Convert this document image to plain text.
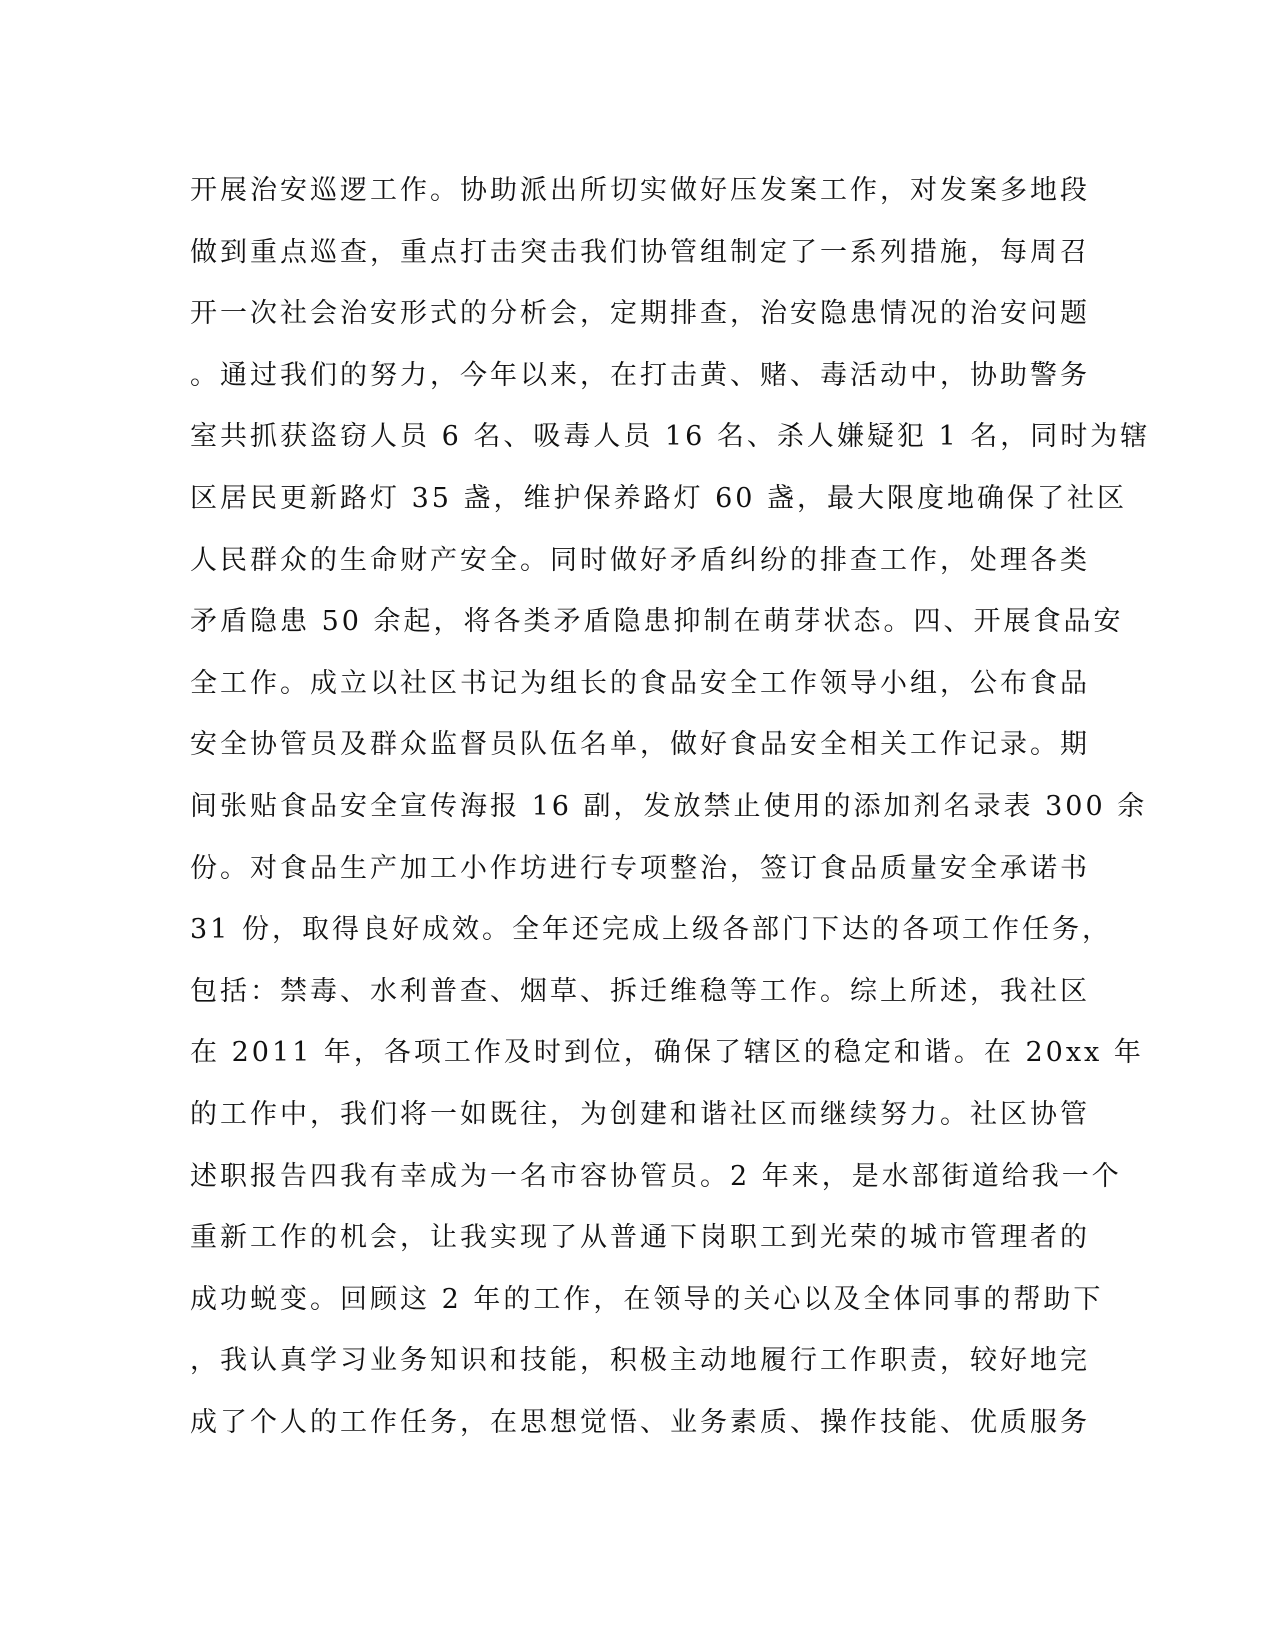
开展治安巡逻工作。协助派出所切实做好压发案工作，对发案多地段
做到重点巡查，重点打击突击我们协管组制定了一系列措施，每周召
开一次社会治安形式的分析会，定期排查，治安隐患情况的治安问题
。通过我们的努力，今年以来，在打击黄、赌、毒活动中，协助警务
室共抓获盗窃人员 6 名、吸毒人员 16 名、杀人嫌疑犯 1 名，同时为辖
区居民更新路灯 35 盏，维护保养路灯 60 盏，最大限度地确保了社区
人民群众的生命财产安全。同时做好矛盾纠纷的排查工作，处理各类
矛盾隐患 50 余起，将各类矛盾隐患抑制在萌芽状态。四、开展食品安
全工作。成立以社区书记为组长的食品安全工作领导小组，公布食品
安全协管员及群众监督员队伍名单，做好食品安全相关工作记录。期
间张贴食品安全宣传海报 16 副，发放禁止使用的添加剂名录表 300 余
份。对食品生产加工小作坊进行专项整治，签订食品质量安全承诺书
31 份，取得良好成效。全年还完成上级各部门下达的各项工作任务，
包括：禁毒、水利普查、烟草、拆迁维稳等工作。综上所述，我社区
在 2011 年，各项工作及时到位，确保了辖区的稳定和谐。在 20xx 年
的工作中，我们将一如既往，为创建和谐社区而继续努力。社区协管
述职报告四我有幸成为一名市容协管员。2 年来，是水部街道给我一个
重新工作的机会，让我实现了从普通下岗职工到光荣的城市管理者的
成功蜕变。回顾这 2 年的工作，在领导的关心以及全体同事的帮助下
，我认真学习业务知识和技能，积极主动地履行工作职责，较好地完
成了个人的工作任务，在思想觉悟、业务素质、操作技能、优质服务
